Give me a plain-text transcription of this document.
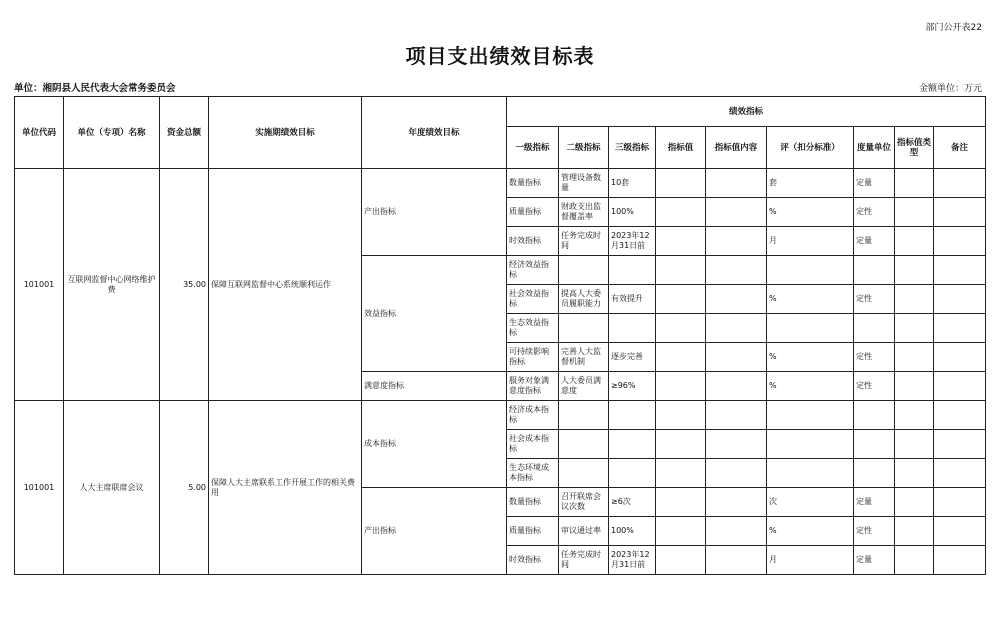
部门公开表22
项目支出绩效目标表
单位：湘阴县人民代表大会常务委员会	金额单位：万元
单位代码	单位（专项）名称	资金总额	实施期绩效目标	年度绩效目标	绩效指标								
					一级指标	二级指标	三级指标	指标值	指标值内容	评（扣分标准）	度量单位	指标值类型	备注
101001	互联网监督中心网络维护费	35.00	保障互联网监督中心系统顺利运作	产出指标	数量指标	管理设备数量	10套			套	定量		
					质量指标	财政支出监督覆盖率	100%			%	定性		
					时效指标	任务完成时间	2023年12月31日前			月	定量		
				效益指标	经济效益指标								
					社会效益指标	提高人大委员履职能力	有效提升			%	定性		
					生态效益指标								
					可持续影响指标	完善人大监督机制	逐步完善			%	定性		
				满意度指标	服务对象满意度指标	人大委员满意度	≥96%			%	定性		
101001	人大主席联席会议	5.00	保障人大主席联系工作开展工作的相关费用	成本指标	经济成本指标								
					社会成本指标								
					生态环境成本指标								
				产出指标	数量指标	召开联席会议次数	≥6次			次	定量		
					质量指标	审议通过率	100%			%	定性		
					时效指标	任务完成时间	2023年12月31日前			月	定量		
